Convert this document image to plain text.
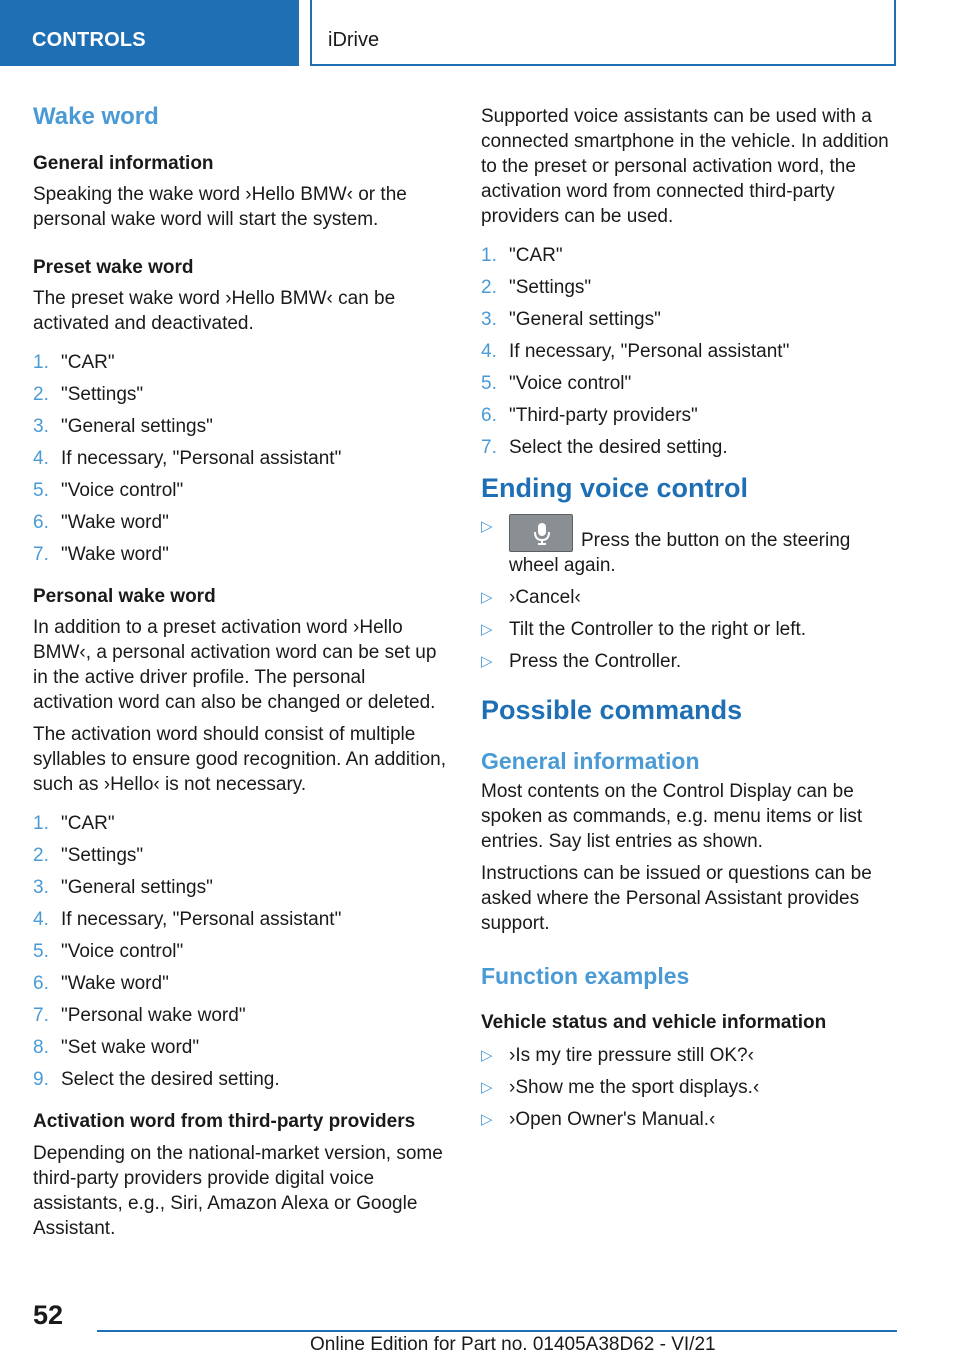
CONTROLS	iDrive
Wake word
General information

Speaking the wake word ›Hello BMW‹ or the personal wake word will start the system.

Preset wake word

The preset wake word ›Hello BMW‹ can be activated and deactivated.

1. "CAR"
2. "Settings"
3. "General settings"
4. If necessary, "Personal assistant"
5. "Voice control"
6. "Wake word"
7. "Wake word"
Personal wake word

In addition to a preset activation word ›Hello BMW‹, a personal activation word can be set up in the active driver profile. The personal activation word can also be changed or deleted.

The activation word should consist of multiple syllables to ensure good recognition. An addition, such as ›Hello‹ is not necessary.

1. "CAR"
2. "Settings"
3. "General settings"
4. If necessary, "Personal assistant"
5. "Voice control"
6. "Wake word"
7. "Personal wake word"
8. "Set wake word"
9. Select the desired setting.
Activation word from third-party providers

Depending on the national-market version, some third-party providers provide digital voice assistants, e.g., Siri, Amazon Alexa or Google Assistant.

Supported voice assistants can be used with a connected smartphone in the vehicle. In addition to the preset or personal activation word, the activation word from connected third-party providers can be used.

1. "CAR"
2. "Settings"
3. "General settings"
4. If necessary, "Personal assistant"
5. "Voice control"
6. "Third-party providers"
7. Select the desired setting.
Ending voice control
▷
Press the button on the steering wheel again.
▷ ›Cancel‹
▷ Tilt the Controller to the right or left.
▷ Press the Controller.
Possible commands
General information

Most contents on the Control Display can be spoken as commands, e.g. menu items or list entries. Say list entries as shown.

Instructions can be issued or questions can be asked where the Personal Assistant provides support.

Function examples
Vehicle status and vehicle information
▷ ›Is my tire pressure still OK?‹
▷ ›Show me the sport displays.‹
▷ ›Open Owner's Manual.‹
52
Online Edition for Part no. 01405A38D62 - VI/21
